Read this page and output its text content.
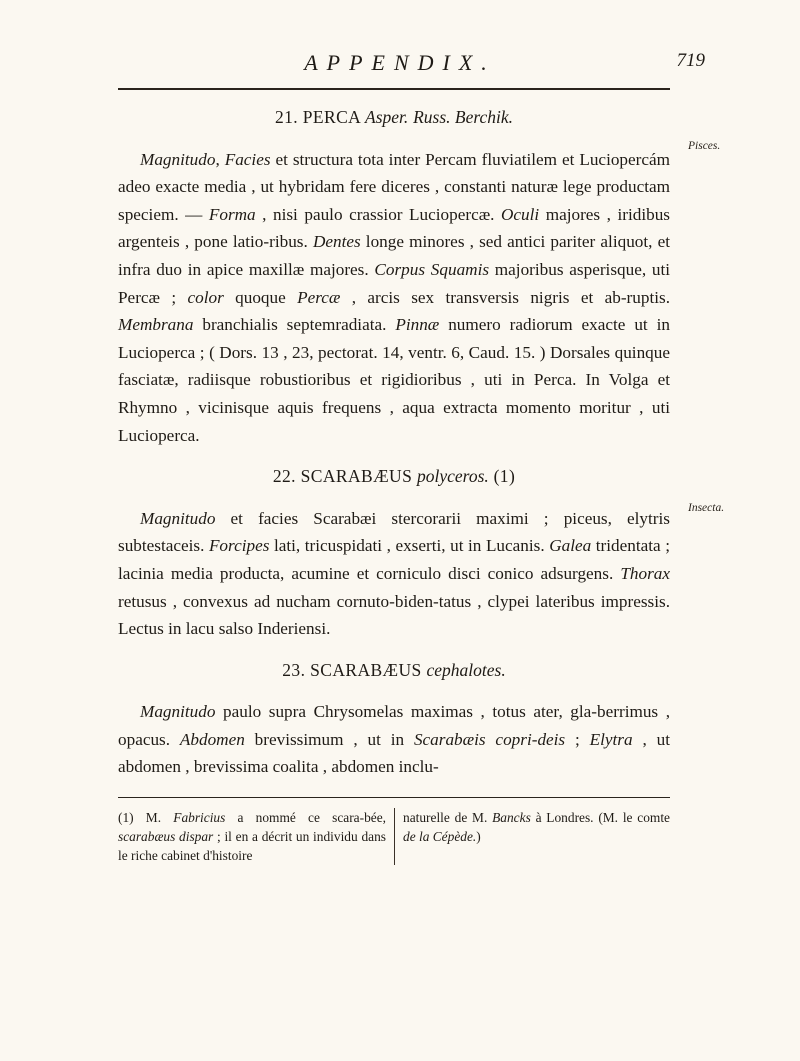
APPENDIX.	719
Pisces.
Insecta.
21. PERCA Asper. Russ. Berchik.

Magnitudo, Facies et structura tota inter Percam fluviatilem et Luciopercám adeo exacte media , ut hybridam fere diceres , constanti naturæ lege productam speciem. — Forma , nisi paulo crassior Luciopercæ. Oculi majores , iridibus argenteis , pone latio-ribus. Dentes longe minores , sed antici pariter aliquot, et infra duo in apice maxillæ majores. Corpus Squamis majoribus asperisque, uti Percæ ; color quoque Percæ , arcis sex transversis nigris et ab-ruptis. Membrana branchialis septemradiata. Pinnæ numero radiorum exacte ut in Lucioperca ; ( Dors. 13 , 23, pectorat. 14, ventr. 6, Caud. 15. ) Dorsales quinque fasciatæ, radiisque robustioribus et rigidioribus , uti in Perca. In Volga et Rhymno , vicinisque aquis frequens , aqua extracta momento moritur , uti Lucioperca.

22. SCARABÆUS polyceros. (1)

Magnitudo et facies Scarabæi stercorarii maximi ; piceus, elytris subtestaceis. Forcipes lati, tricuspidati , exserti, ut in Lucanis. Galea tridentata ; lacinia media producta, acumine et corniculo disci conico adsurgens. Thorax retusus , convexus ad nucham cornuto-biden-tatus , clypei lateribus impressis. Lectus in lacu salso Inderiensi.

23. SCARABÆUS cephalotes.

Magnitudo paulo supra Chrysomelas maximas , totus ater, gla-berrimus , opacus. Abdomen brevissimum , ut in Scarabæis copri-deis ; Elytra , ut abdomen , brevissima coalita , abdomen inclu-

(1) M. Fabricius a nommé ce scara-bée, scarabæus dispar ; il en a décrit un individu dans le riche cabinet d'histoire

naturelle de M. Bancks à Londres. (M. le comte de la Cépède.)
